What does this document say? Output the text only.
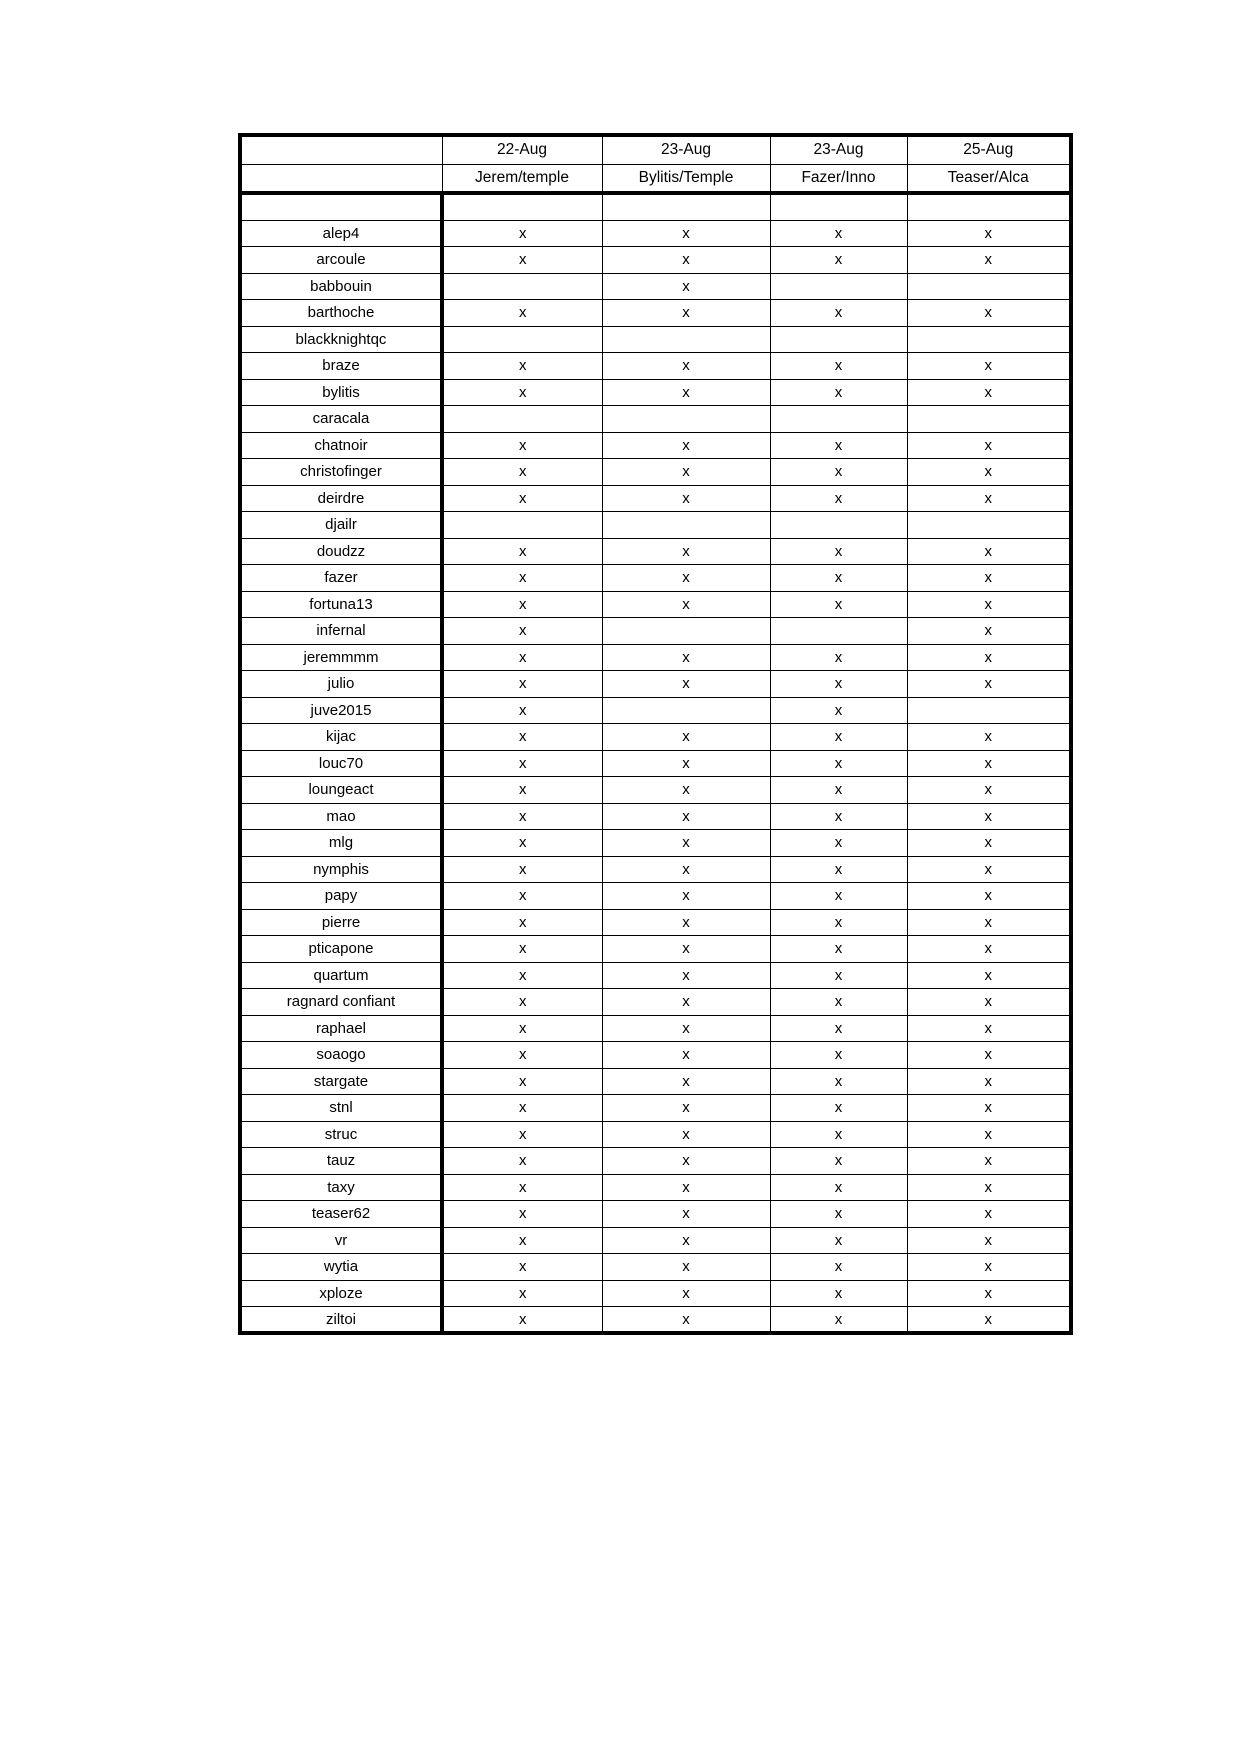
	22-Aug	23-Aug	23-Aug	25-Aug
	Jerem/temple	Bylitis/Temple	Fazer/Inno	Teaser/Alca

alep4	x	x	x	x
arcoule	x	x	x	x
babbouin		x		
barthoche	x	x	x	x
blackknightqc				
braze	x	x	x	x
bylitis	x	x	x	x
caracala				
chatnoir	x	x	x	x
christofinger	x	x	x	x
deirdre	x	x	x	x
djailr				
doudzz	x	x	x	x
fazer	x	x	x	x
fortuna13	x	x	x	x
infernal	x			x
jeremmmm	x	x	x	x
julio	x	x	x	x
juve2015	x		x	
kijac	x	x	x	x
louc70	x	x	x	x
loungeact	x	x	x	x
mao	x	x	x	x
mlg	x	x	x	x
nymphis	x	x	x	x
papy	x	x	x	x
pierre	x	x	x	x
pticapone	x	x	x	x
quartum	x	x	x	x
ragnard confiant	x	x	x	x
raphael	x	x	x	x
soaogo	x	x	x	x
stargate	x	x	x	x
stnl	x	x	x	x
struc	x	x	x	x
tauz	x	x	x	x
taxy	x	x	x	x
teaser62	x	x	x	x
vr	x	x	x	x
wytia	x	x	x	x
xploze	x	x	x	x
ziltoi	x	x	x	x
